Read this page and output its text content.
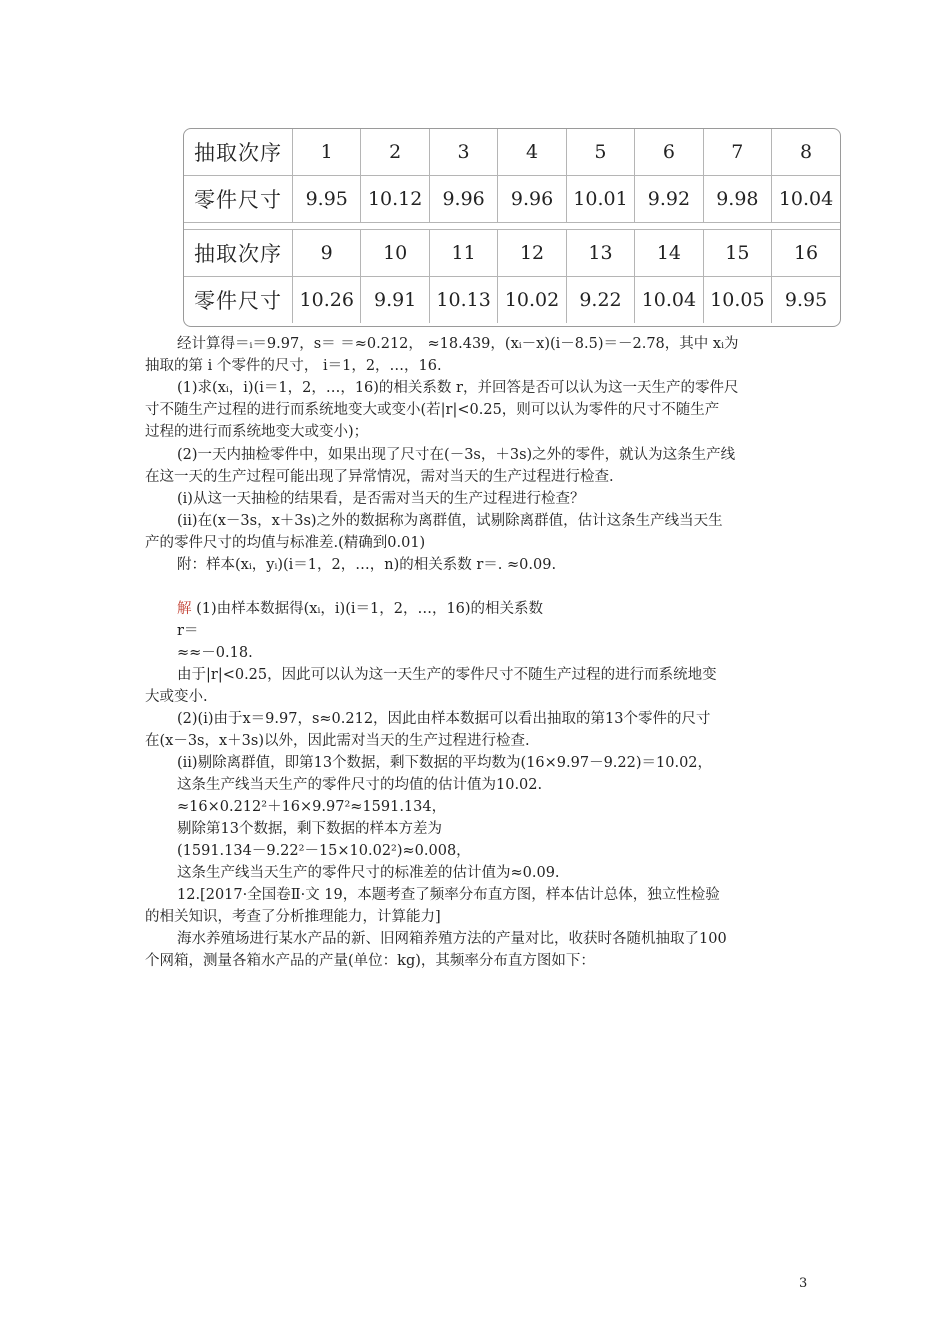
抽取次序	1	2	3	4	5	6	7	8
零件尺寸	9.95	10.12	9.96	9.96	10.01	9.92	9.98	10.04

抽取次序	9	10	11	12	13	14	15	16
零件尺寸	10.26	9.91	10.13	10.02	9.22	10.04	10.05	9.95
经计算得＝ᵢ＝9.97，s＝ ＝≈0.212， ≈18.439，(xᵢ－x)(i－8.5)＝－2.78，其中 xᵢ为
抽取的第 i 个零件的尺寸， i＝1，2，…，16.
(1)求(xᵢ，i)(i＝1，2，…，16)的相关系数 r，并回答是否可以认为这一天生产的零件尺
寸不随生产过程的进行而系统地变大或变小(若|r|<0.25，则可以认为零件的尺寸不随生产
过程的进行而系统地变大或变小)；
(2)一天内抽检零件中，如果出现了尺寸在(－3s，＋3s)之外的零件，就认为这条生产线
在这一天的生产过程可能出现了异常情况，需对当天的生产过程进行检查.
(ⅰ)从这一天抽检的结果看，是否需对当天的生产过程进行检查？
(ⅱ)在(x－3s，x＋3s)之外的数据称为离群值，试剔除离群值，估计这条生产线当天生
产的零件尺寸的均值与标准差.(精确到0.01)
附：样本(xᵢ，yᵢ)(i＝1，2，…，n)的相关系数 r＝. ≈0.09.
解 (1)由样本数据得(xᵢ，i)(i＝1，2，…，16)的相关系数
r＝
≈≈－0.18.
由于|r|<0.25，因此可以认为这一天生产的零件尺寸不随生产过程的进行而系统地变
大或变小.
(2)(ⅰ)由于x＝9.97，s≈0.212，因此由样本数据可以看出抽取的第13个零件的尺寸
在(x－3s，x＋3s)以外，因此需对当天的生产过程进行检查.
(ⅱ)剔除离群值，即第13个数据，剩下数据的平均数为(16×9.97－9.22)＝10.02，
这条生产线当天生产的零件尺寸的均值的估计值为10.02.
≈16×0.212²＋16×9.97²≈1591.134，
剔除第13个数据，剩下数据的样本方差为
(1591.134－9.22²－15×10.02²)≈0.008，
这条生产线当天生产的零件尺寸的标准差的估计值为≈0.09.
12.[2017·全国卷Ⅱ·文 19，本题考查了频率分布直方图，样本估计总体，独立性检验
的相关知识，考查了分析推理能力，计算能力]
海水养殖场进行某水产品的新、旧网箱养殖方法的产量对比，收获时各随机抽取了100
个网箱，测量各箱水产品的产量(单位：kg)，其频率分布直方图如下：
3
